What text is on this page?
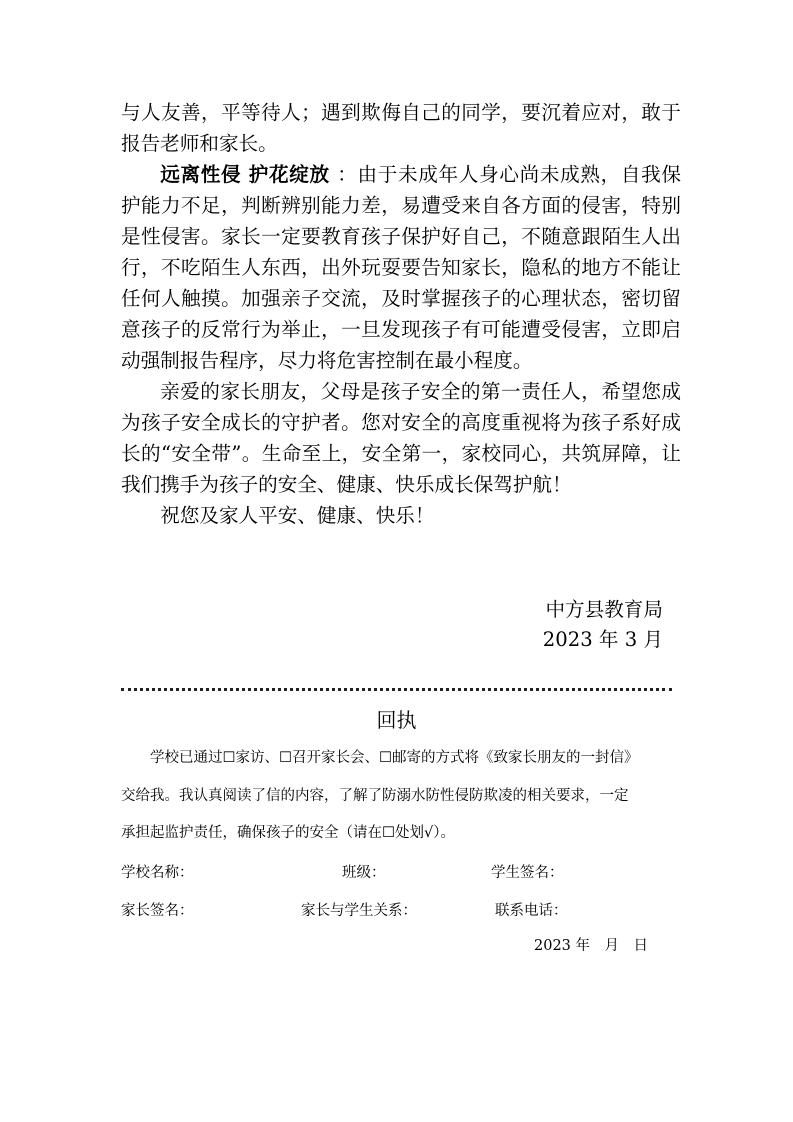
与人友善，平等待人；遇到欺侮自己的同学，要沉着应对，敢于报告老师和家长。

远离性侵 护花绽放 ：由于未成年人身心尚未成熟，自我保护能力不足，判断辨别能力差，易遭受来自各方面的侵害，特别是性侵害。家长一定要教育孩子保护好自己，不随意跟陌生人出行，不吃陌生人东西，出外玩耍要告知家长，隐私的地方不能让任何人触摸。加强亲子交流，及时掌握孩子的心理状态，密切留意孩子的反常行为举止，一旦发现孩子有可能遭受侵害，立即启动强制报告程序，尽力将危害控制在最小程度。

亲爱的家长朋友，父母是孩子安全的第一责任人，希望您成为孩子安全成长的守护者。您对安全的高度重视将为孩子系好成长的“安全带”。生命至上，安全第一，家校同心，共筑屏障，让我们携手为孩子的安全、健康、快乐成长保驾护航！

祝您及家人平安、健康、快乐！

中方县教育局
2023 年 3 月
回执

学校已通过☐家访、☐召开家长会、☐邮寄的方式将《致家长朋友的一封信》

交给我。我认真阅读了信的内容，了解了防溺水防性侵防欺凌的相关要求，一定

承担起监护责任，确保孩子的安全（请在☐处划√）。

学校名称：	班级：	学生签名：
家长签名：	家长与学生关系：	联系电话：
2023 年　月　日
